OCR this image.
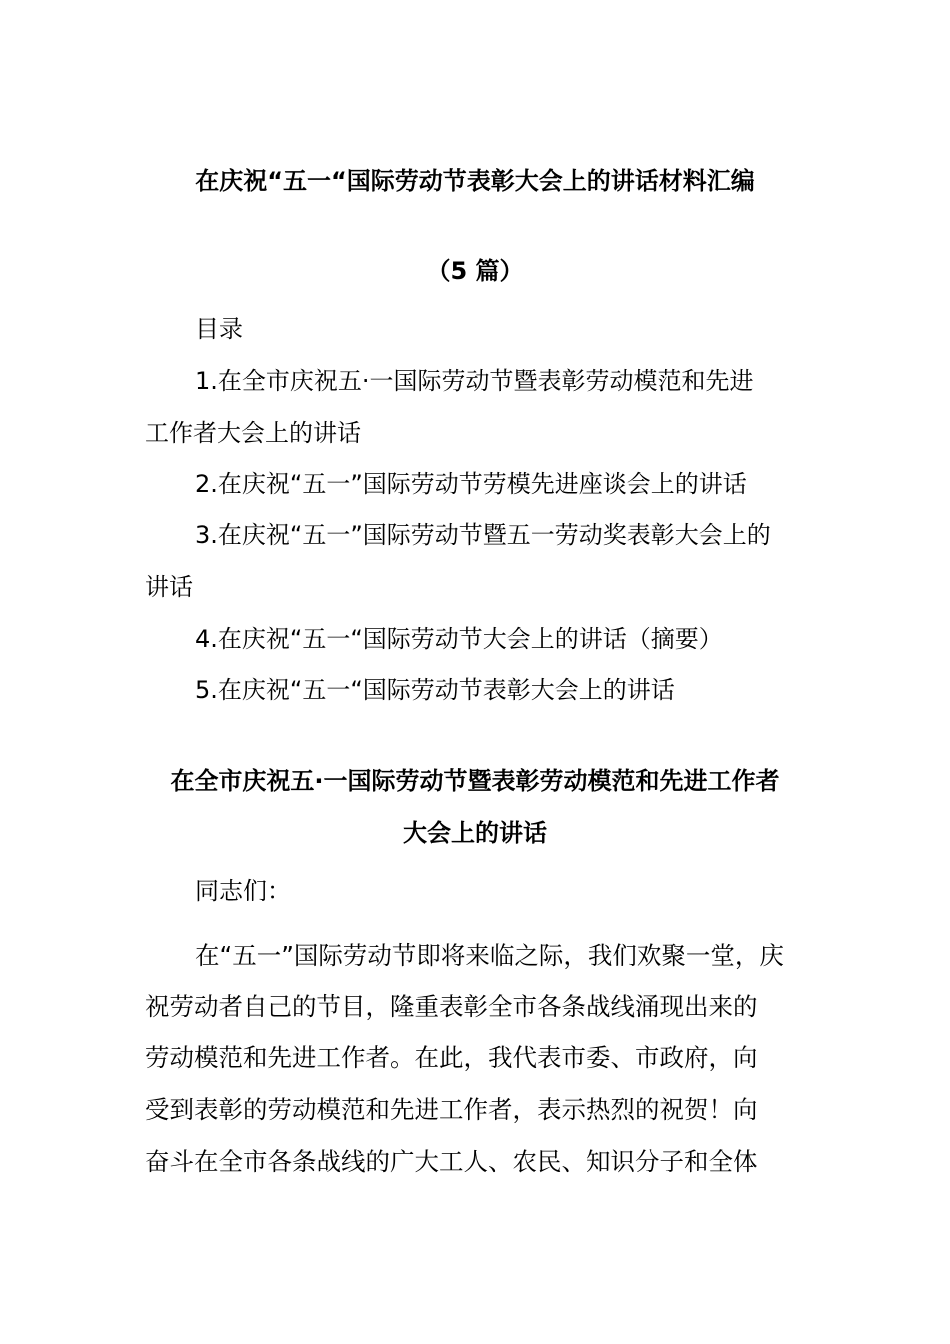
在庆祝“五一“国际劳动节表彰大会上的讲话材料汇编
（5 篇）
目录
1.在全市庆祝五·一国际劳动节暨表彰劳动模范和先进
工作者大会上的讲话
2.在庆祝“五一”国际劳动节劳模先进座谈会上的讲话
3.在庆祝“五一”国际劳动节暨五一劳动奖表彰大会上的
讲话
4.在庆祝“五一“国际劳动节大会上的讲话（摘要）
5.在庆祝“五一“国际劳动节表彰大会上的讲话
在全市庆祝五·一国际劳动节暨表彰劳动模范和先进工作者
大会上的讲话
同志们：
在“五一”国际劳动节即将来临之际，我们欢聚一堂，庆
祝劳动者自己的节目，隆重表彰全市各条战线涌现出来的
劳动模范和先进工作者。在此，我代表市委、市政府，向
受到表彰的劳动模范和先进工作者，表示热烈的祝贺！向
奋斗在全市各条战线的广大工人、农民、知识分子和全体
